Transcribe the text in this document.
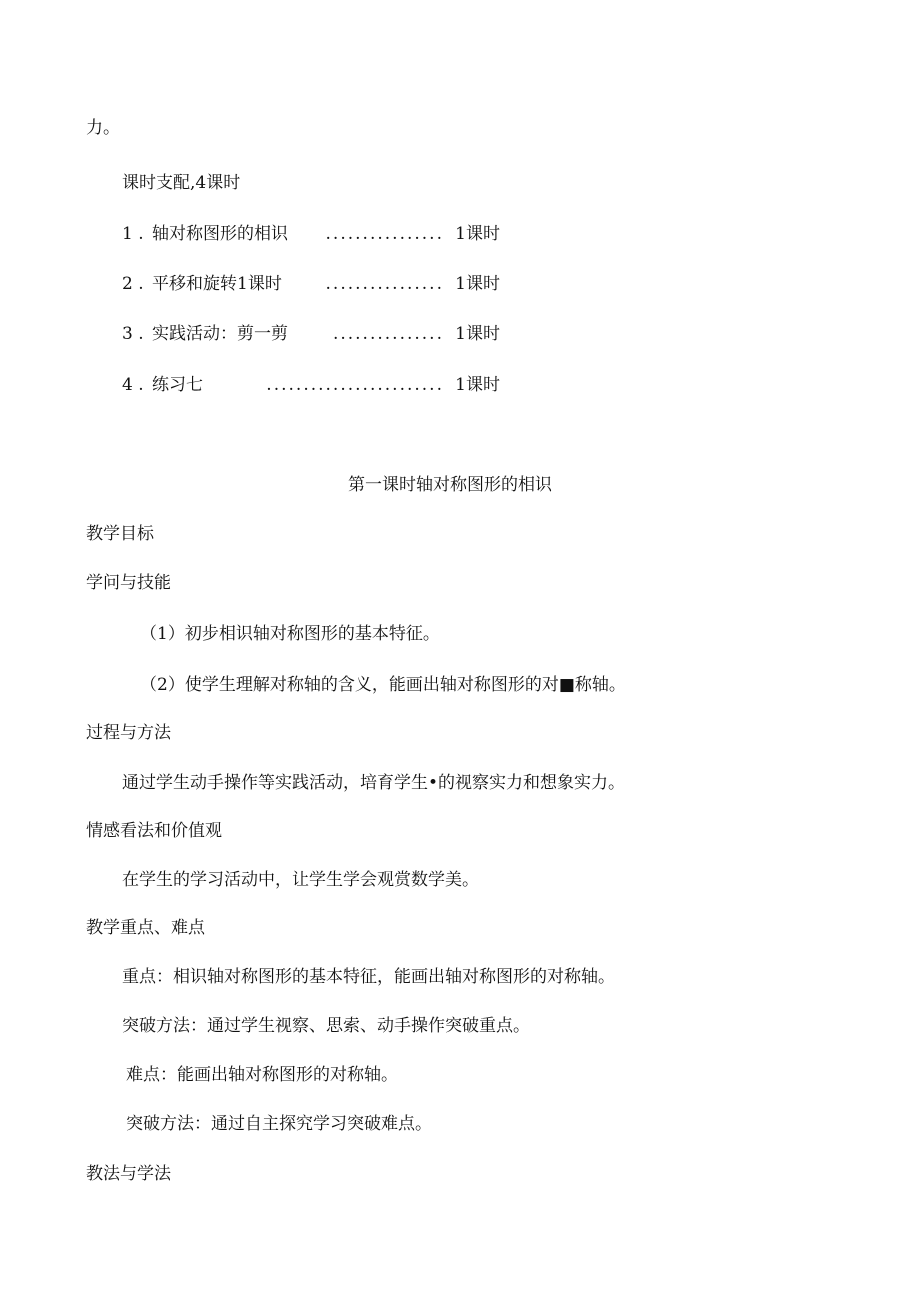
力。
课时支配,4课时
1 . 轴对称图形的相识 ................ 1课时
2 . 平移和旋转1课时	................ 1课时
3 . 实践活动：剪一剪	............... 1课时
4 . 练习七	........................ 1课时
第一课时轴对称图形的相识
教学目标
学问与技能
（1）初步相识轴对称图形的基本特征。
（2）使学生理解对称轴的含义，能画出轴对称图形的对■称轴。
过程与方法
通过学生动手操作等实践活动，培育学生•的视察实力和想象实力。
情感看法和价值观
在学生的学习活动中，让学生学会观赏数学美。
教学重点、难点
重点：相识轴对称图形的基本特征，能画出轴对称图形的对称轴。
突破方法：通过学生视察、思索、动手操作突破重点。
难点：能画出轴对称图形的对称轴。
突破方法：通过自主探究学习突破难点。
教法与学法
